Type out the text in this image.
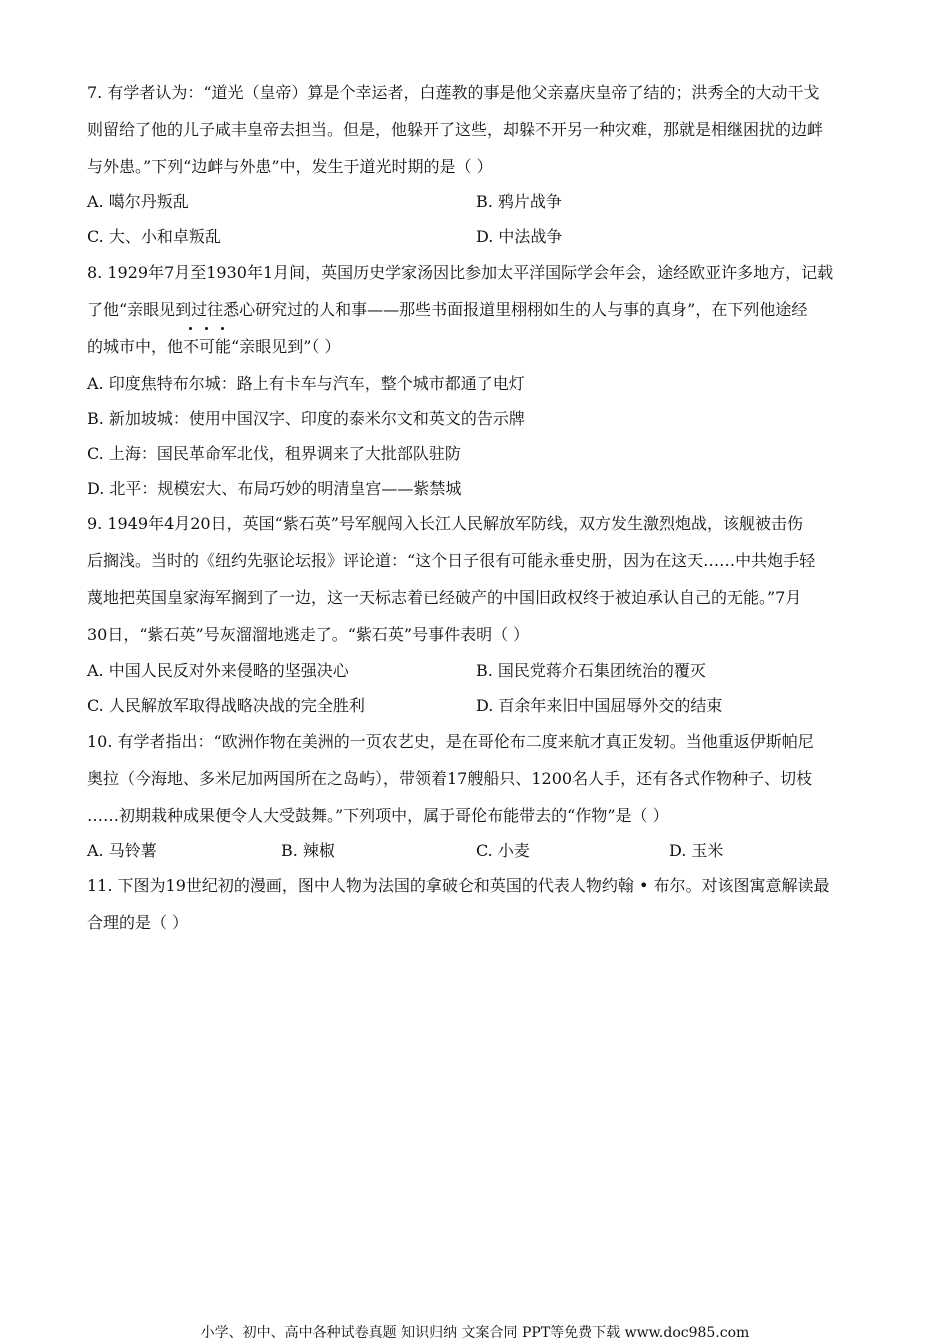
7. 有学者认为：“道光（皇帝）算是个幸运者，白莲教的事是他父亲嘉庆皇帝了结的；洪秀全的大动干戈
则留给了他的儿子咸丰皇帝去担当。但是，他躲开了这些，却躲不开另一种灾难，那就是相继困扰的边衅
与外患。”下列“边衅与外患”中，发生于道光时期的是（ ）
A. 噶尔丹叛乱	B. 鸦片战争
C. 大、小和卓叛乱	D. 中法战争
8. 1929年7月至1930年1月间，英国历史学家汤因比参加太平洋国际学会年会，途经欧亚许多地方，记载
了他“亲眼见到过往悉心研究过的人和事——那些书面报道里栩栩如生的人与事的真身”，在下列他途经
的城市中，他
不可能“亲眼见到”（ ）
A. 印度焦特布尔城：路上有卡车与汽车，整个城市都通了电灯
B. 新加坡城：使用中国汉字、印度的泰米尔文和英文的告示牌
C. 上海：国民革命军北伐，租界调来了大批部队驻防
D. 北平：规模宏大、布局巧妙的明清皇宫——紫禁城
9. 1949年4月20日，英国“紫石英”号军舰闯入长江人民解放军防线，双方发生激烈炮战，该舰被击伤
后搁浅。当时的《纽约先驱论坛报》评论道：“这个日子很有可能永垂史册，因为在这天……中共炮手轻
蔑地把英国皇家海军搁到了一边，这一天标志着已经破产的中国旧政权终于被迫承认自己的无能。”7月
30日，“紫石英”号灰溜溜地逃走了。“紫石英”号事件表明（ ）
A. 中国人民反对外来侵略的坚强决心	B. 国民党蒋介石集团统治的覆灭
C. 人民解放军取得战略决战的完全胜利	D. 百余年来旧中国屈辱外交的结束
10. 有学者指出：“欧洲作物在美洲的一页农艺史，是在哥伦布二度来航才真正发轫。当他重返伊斯帕尼
奥拉（今海地、多米尼加两国所在之岛屿），带领着17艘船只、1200名人手，还有各式作物种子、切枝
……初期栽种成果便令人大受鼓舞。”下列项中，属于哥伦布能带去的“作物”是（ ）
A. 马铃薯	B. 辣椒	C. 小麦	D. 玉米
11. 下图为19世纪初的漫画，图中人物为法国的拿破仑和英国的代表人物约翰 • 布尔。对该图寓意解读最
合理的是（ ）
小学、初中、高中各种试卷真题 知识归纳 文案合同 PPT等免费下载 www.doc985.com
